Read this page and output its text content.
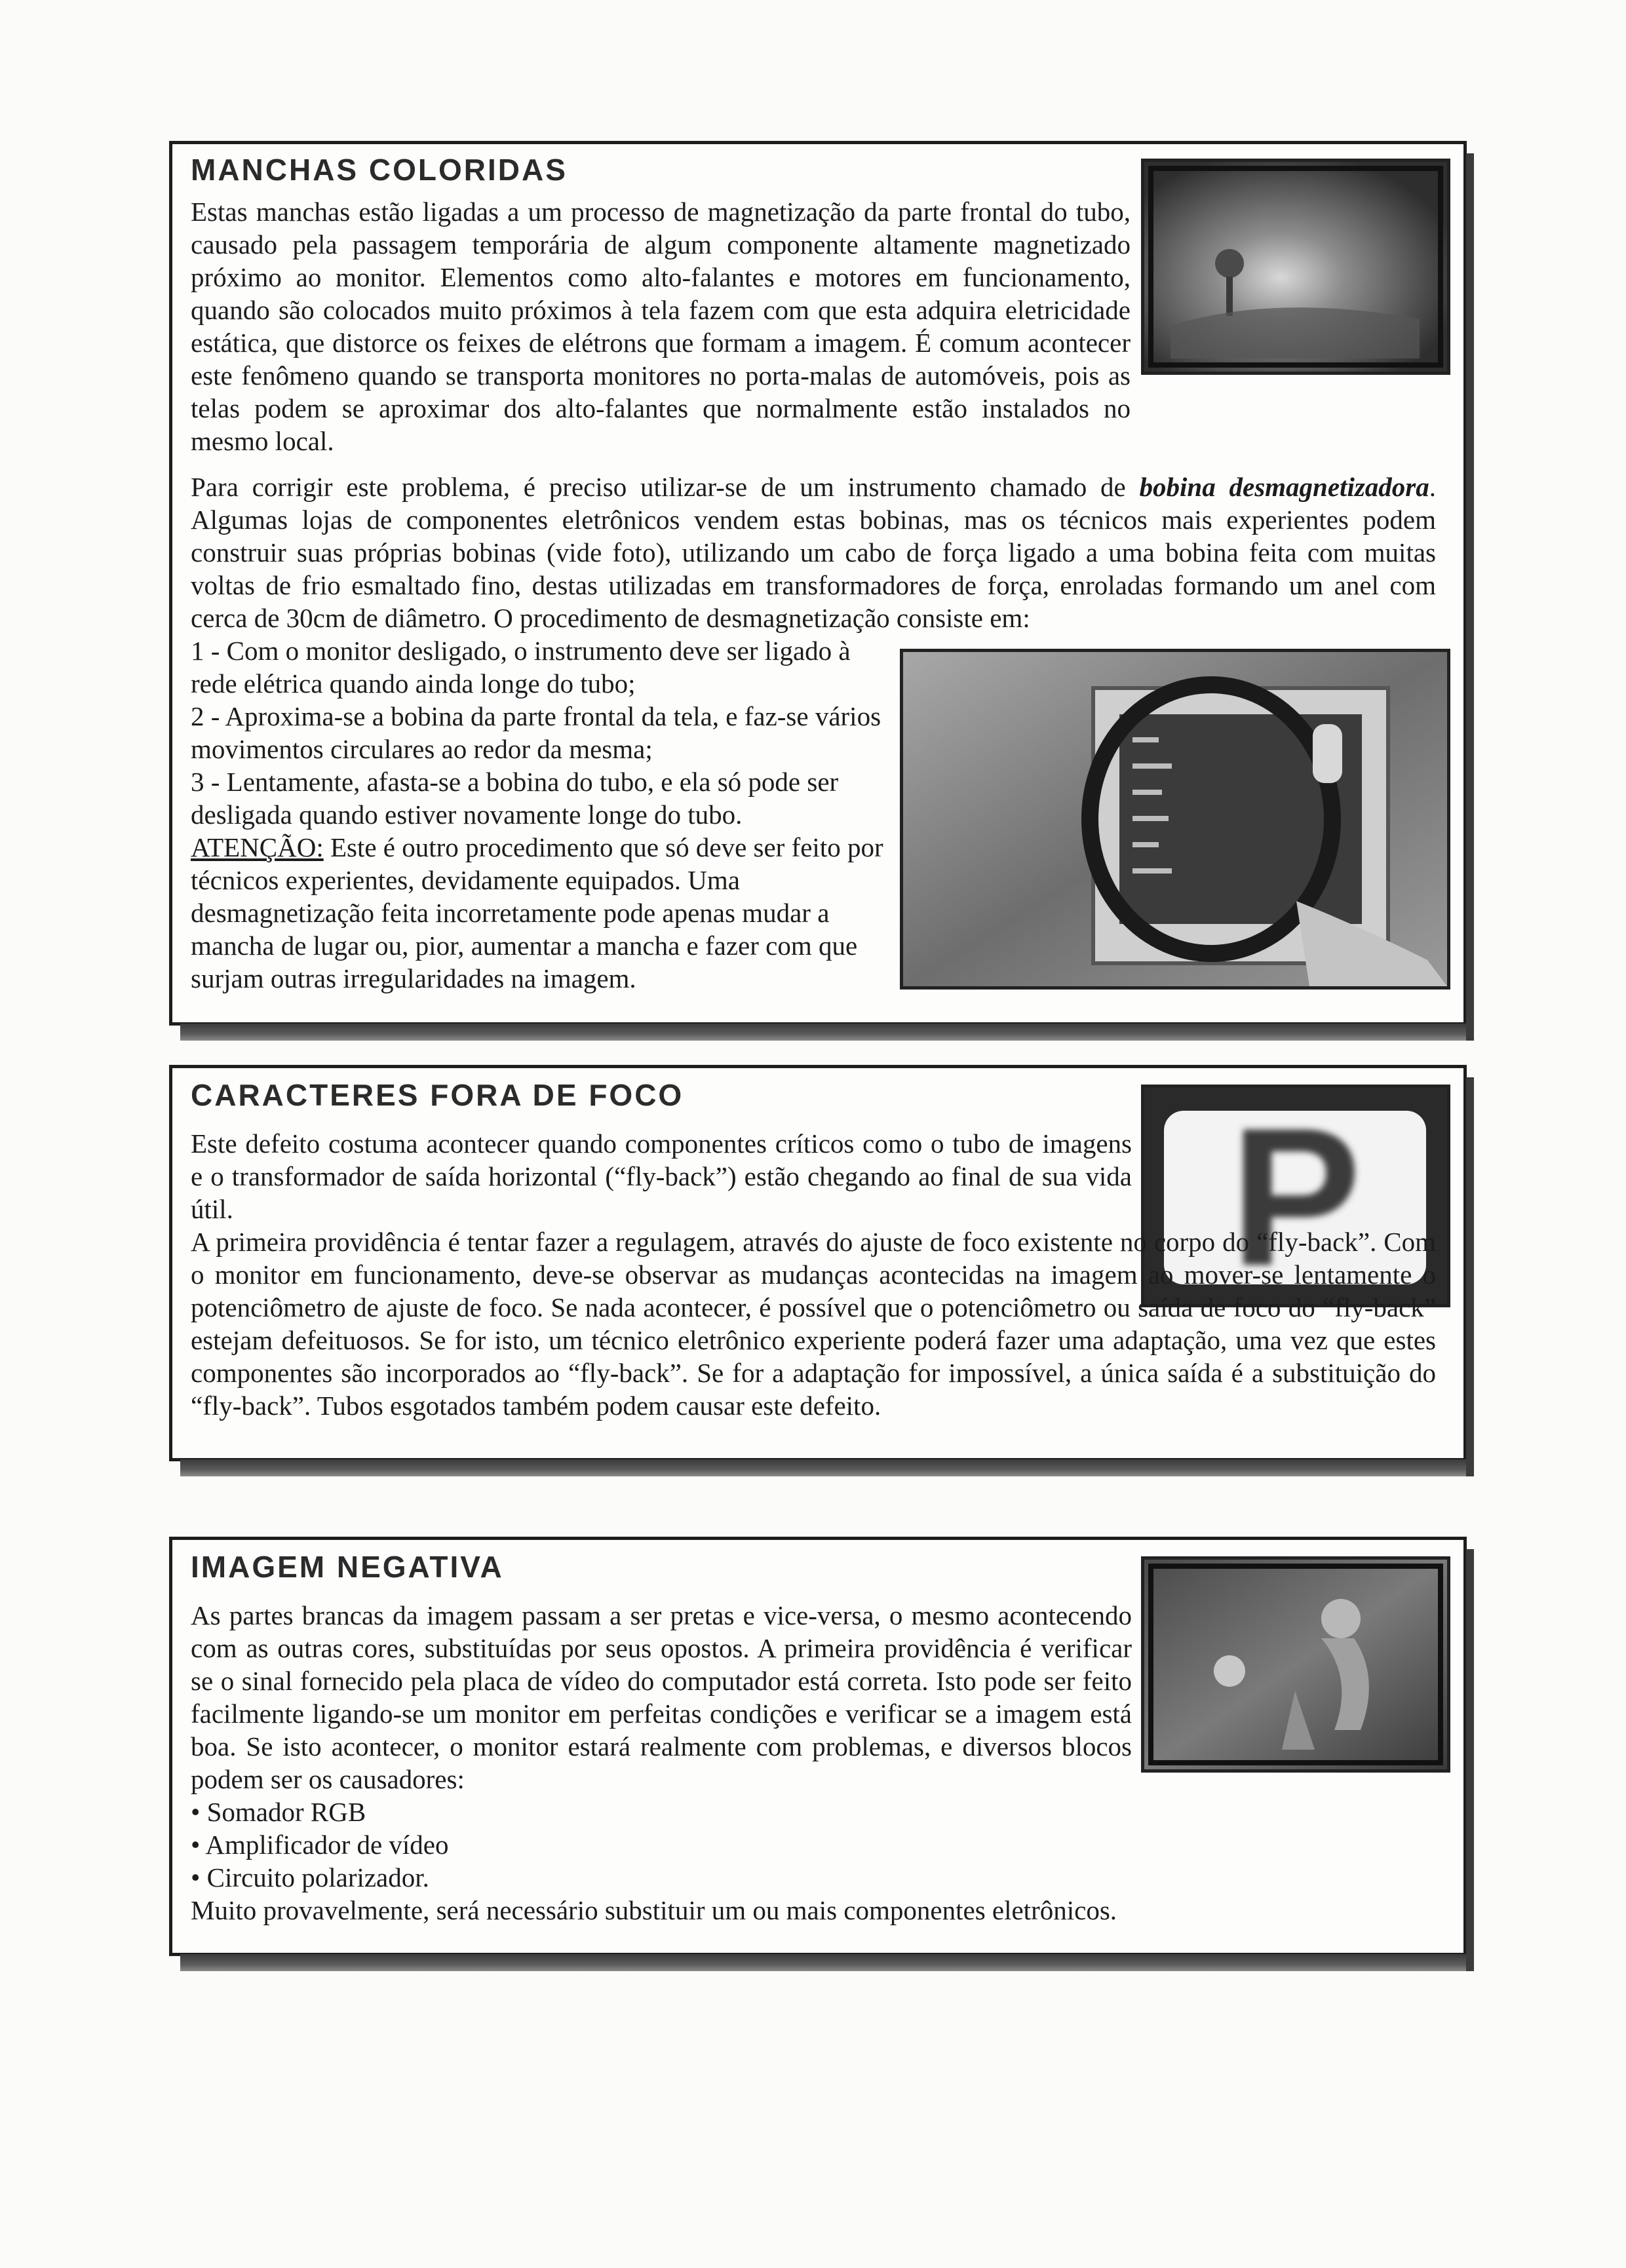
MANCHAS COLORIDAS

Estas manchas estão ligadas a um processo de magnetização da parte frontal do tubo, causado pela passagem temporária de algum componente altamente magnetizado próximo ao monitor. Elementos como alto-falantes e motores em funcionamento, quando são colocados muito próximos à tela fazem com que esta adquira eletricidade estática, que distorce os feixes de elétrons que formam a imagem. É comum acontecer este fenômeno quando se transporta monitores no porta-malas de automóveis, pois as telas podem se aproximar dos alto-falantes que normalmente estão instalados no mesmo local.

Para corrigir este problema, é preciso utilizar-se de um instrumento chamado de bobina desmagnetizadora. Algumas lojas de componentes eletrônicos vendem estas bobinas, mas os técnicos mais experientes podem construir suas próprias bobinas (vide foto), utilizando um cabo de força ligado a uma bobina feita com muitas voltas de frio esmaltado fino, destas utilizadas em transformadores de força, enroladas formando um anel com cerca de 30cm de diâmetro. O procedimento de desmagnetização consiste em:

1 - Com o monitor desligado, o instrumento deve ser ligado à rede elétrica quando ainda longe do tubo;

2 - Aproxima-se a bobina da parte frontal da tela, e faz-se vários movimentos circulares ao redor da mesma;

3 - Lentamente, afasta-se a bobina do tubo, e ela só pode ser desligada quando estiver novamente longe do tubo.

ATENÇÃO: Este é outro procedimento que só deve ser feito por técnicos experientes, devidamente equipados. Uma desmagnetização feita incorretamente pode apenas mudar a mancha de lugar ou, pior, aumentar a mancha e fazer com que surjam outras irregularidades na imagem.

CARACTERES FORA DE FOCO	P

Este defeito costuma acontecer quando componentes críticos como o tubo de imagens e o transformador de saída horizontal (“fly-back”) estão chegando ao final de sua vida útil.

A primeira providência é tentar fazer a regulagem, através do ajuste de foco existente no corpo do “fly-back”. Com o monitor em funcionamento, deve-se observar as mudanças acontecidas na imagem ao mover-se lentamente o potenciômetro de ajuste de foco. Se nada acontecer, é possível que o potenciômetro ou saída de foco do “fly-back” estejam defeituosos. Se for isto, um técnico eletrônico experiente poderá fazer uma adaptação, uma vez que estes componentes são incorporados ao “fly-back”. Se for a adaptação for impossível, a única saída é a substituição do “fly-back”. Tubos esgotados também podem causar este defeito.

IMAGEM NEGATIVA

As partes brancas da imagem passam a ser pretas e vice-versa, o mesmo acontecendo com as outras cores, substituídas por seus opostos. A primeira providência é verificar se o sinal fornecido pela placa de vídeo do computador está correta. Isto pode ser feito facilmente ligando-se um monitor em perfeitas condições e verificar se a imagem está boa. Se isto acontecer, o monitor estará realmente com problemas, e diversos blocos podem ser os causadores:

• Somador RGB
• Amplificador de vídeo
• Circuito polarizador.

Muito provavelmente, será necessário substituir um ou mais componentes eletrônicos.
